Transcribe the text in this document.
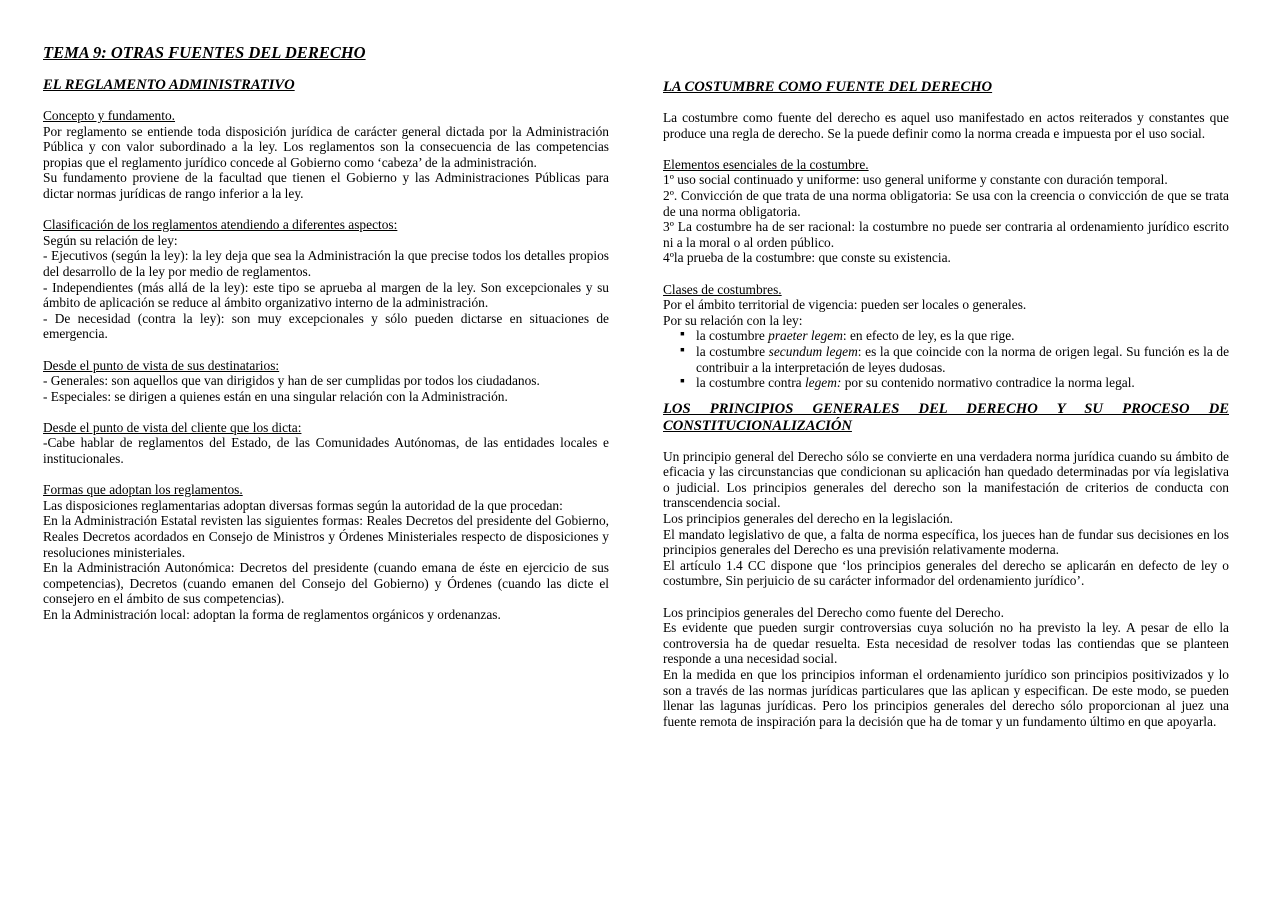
TEMA 9: OTRAS FUENTES DEL DERECHO
EL REGLAMENTO ADMINISTRATIVO

Concepto y fundamento.

Por reglamento se entiende toda disposición jurídica de carácter general dictada por la Administración Pública y con valor subordinado a la ley. Los reglamentos son la consecuencia de las competencias propias que el reglamento jurídico concede al Gobierno como ‘cabeza’ de la administración.

Su fundamento proviene de la facultad que tienen el Gobierno y las Administraciones Públicas para dictar normas jurídicas de rango inferior a la ley.

Clasificación de los reglamentos atendiendo a diferentes aspectos:

Según su relación de ley:

- Ejecutivos (según la ley): la ley deja que sea la Administración la que precise todos los detalles propios del desarrollo de la ley por medio de reglamentos.

- Independientes (más allá de la ley): este tipo se aprueba al margen de la ley. Son excepcionales y su ámbito de aplicación se reduce al ámbito organizativo interno de la administración.

- De necesidad (contra la ley): son muy excepcionales y sólo pueden dictarse en situaciones de emergencia.

Desde el punto de vista de sus destinatarios:

- Generales: son aquellos que van dirigidos y han de ser cumplidas por todos los ciudadanos.

- Especiales: se dirigen a quienes están en una singular relación con la Administración.

Desde el punto de vista del cliente que los dicta:

-Cabe hablar de reglamentos del Estado, de las Comunidades Autónomas, de las entidades locales e institucionales.

Formas que adoptan los reglamentos.

Las disposiciones reglamentarias adoptan diversas formas según la autoridad de la que procedan:

En la Administración Estatal revisten las siguientes formas: Reales Decretos del presidente del Gobierno, Reales Decretos acordados en Consejo de Ministros y Órdenes Ministeriales respecto de disposiciones y resoluciones ministeriales.

En la Administración Autonómica: Decretos del presidente (cuando emana de éste en ejercicio de sus competencias), Decretos (cuando emanen del Consejo del Gobierno) y Órdenes (cuando las dicte el consejero en el ámbito de sus competencias).

En la Administración local: adoptan la forma de reglamentos orgánicos y ordenanzas.

LA COSTUMBRE COMO FUENTE DEL DERECHO

La costumbre como fuente del derecho es aquel uso manifestado en actos reiterados y constantes que produce una regla de derecho. Se la puede definir como la norma creada e impuesta por el uso social.

Elementos esenciales de la costumbre.

1º uso social continuado y uniforme: uso general uniforme y constante con duración temporal.

2º. Convicción de que trata de una norma obligatoria: Se usa con la creencia o convicción de que se trata de una norma obligatoria.

3º La costumbre ha de ser racional: la costumbre no puede ser contraria al ordenamiento jurídico escrito ni a la moral o al orden público.

4ºla prueba de la costumbre: que conste su existencia.

Clases de costumbres.

Por el ámbito territorial de vigencia: pueden ser locales o generales.

Por su relación con la ley:

▪ la costumbre praeter legem: en efecto de ley, es la que rige.
▪ la costumbre secundum legem: es la que coincide con la norma de origen legal. Su función es la de contribuir a la interpretación de leyes dudosas.
▪ la costumbre contra legem: por su contenido normativo contradice la norma legal.
LOS PRINCIPIOS GENERALES DEL DERECHO Y SU PROCESO DE CONSTITUCIONALIZACIÓN

Un principio general del Derecho sólo se convierte en una verdadera norma jurídica cuando su ámbito de eficacia y las circunstancias que condicionan su aplicación han quedado determinadas por vía legislativa o judicial. Los principios generales del derecho son la manifestación de criterios de conducta con transcendencia social.

Los principios generales del derecho en la legislación.

El mandato legislativo de que, a falta de norma específica, los jueces han de fundar sus decisiones en los principios generales del Derecho es una previsión relativamente moderna.

El artículo 1.4 CC dispone que ‘los principios generales del derecho se aplicarán en defecto de ley o costumbre, Sin perjuicio de su carácter informador del ordenamiento jurídico’.

Los principios generales del Derecho como fuente del Derecho.

Es evidente que pueden surgir controversias cuya solución no ha previsto la ley. A pesar de ello la controversia ha de quedar resuelta. Esta necesidad de resolver todas las contiendas que se planteen responde a una necesidad social.

En la medida en que los principios informan el ordenamiento jurídico son principios positivizados y lo son a través de las normas jurídicas particulares que las aplican y especifican. De este modo, se pueden llenar las lagunas jurídicas. Pero los principios generales del derecho sólo proporcionan al juez una fuente remota de inspiración para la decisión que ha de tomar y un fundamento último en que apoyarla.
